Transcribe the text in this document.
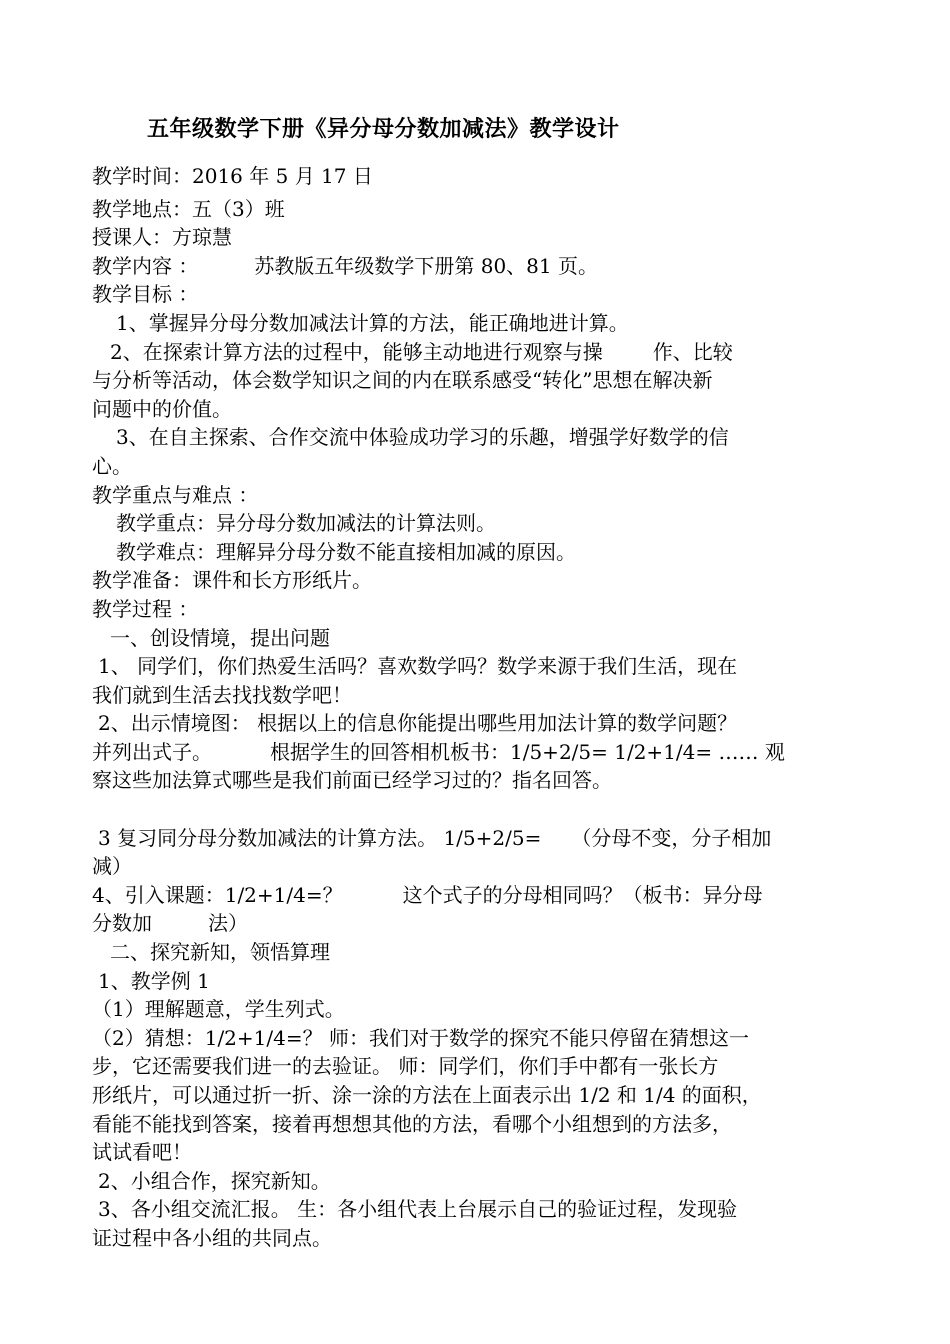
五年级数学下册《异分母分数加减法》教学设计
教学时间：2016 年 5 月 17 日
教学地点：五（3）班
授课人：方琼慧
教学内容 ：	苏教版五年级数学下册第 80、81 页。
教学目标 ：
1、掌握异分母分数加减法计算的方法，能正确地进计算。
2、在探索计算方法的过程中，能够主动地进行观察与操	作、比较
与分析等活动，体会数学知识之间的内在联系感受“转化”思想在解决新
问题中的价值。
3、在自主探索、合作交流中体验成功学习的乐趣，增强学好数学的信
心。
教学重点与难点 ：
教学重点：异分母分数加减法的计算法则。
教学难点：理解异分母分数不能直接相加减的原因。
教学准备：课件和长方形纸片。
教学过程 ：
一、创设情境，提出问题
1、 同学们，你们热爱生活吗？喜欢数学吗？数学来源于我们生活，现在
我们就到生活去找找数学吧！
2、出示情境图： 根据以上的信息你能提出哪些用加法计算的数学问题？
并列出式子。	根据学生的回答相机板书：1/5+2/5= 1/2+1/4= …… 观
察这些加法算式哪些是我们前面已经学习过的？指名回答。
3 复习同分母分数加减法的计算方法。 1/5+2/5= （分母不变，分子相加
减）
4、引入课题：1/2+1/4=？	这个式子的分母相同吗？（板书：异分母
分数加	法）
二、探究新知，领悟算理
1、教学例 1
（1）理解题意，学生列式。
（2）猜想：1/2+1/4=？ 师：我们对于数学的探究不能只停留在猜想这一
步，它还需要我们进一的去验证。 师：同学们，你们手中都有一张长方
形纸片，可以通过折一折、涂一涂的方法在上面表示出 1/2 和 1/4 的面积，
看能不能找到答案，接着再想想其他的方法，看哪个小组想到的方法多，
试试看吧！
2、小组合作，探究新知。
3、各小组交流汇报。 生：各小组代表上台展示自己的验证过程，发现验
证过程中各小组的共同点。
